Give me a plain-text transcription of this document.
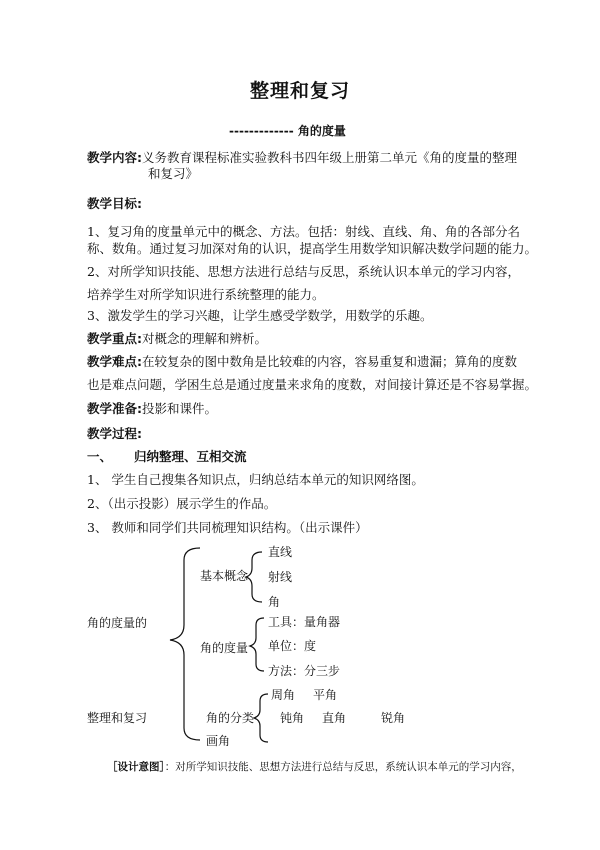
整理和复习
------------- 角的度量
教学内容:义务教育课程标准实验教科书四年级上册第二单元《角的度量的整理
和复习》
教学目标:
1、复习角的度量单元中的概念、方法。包括：射线、直线、角、角的各部分名
称、数角。通过复习加深对角的认识，提高学生用数学知识解决数学问题的能力。
2、对所学知识技能、思想方法进行总结与反思，系统认识本单元的学习内容，
培养学生对所学知识进行系统整理的能力。
3、激发学生的学习兴趣，让学生感受学数学，用数学的乐趣。
教学重点:对概念的理解和辨析。
教学难点:在较复杂的图中数角是比较难的内容，容易重复和遗漏；算角的度数
也是难点问题，学困生总是通过度量来求角的度数，对间接计算还是不容易掌握。
教学准备:投影和课件。
教学过程:
一、 归纳整理、互相交流
1、 学生自己搜集各知识点，归纳总结本单元的知识网络图。
2、（出示投影）展示学生的作品。
3、 教师和同学们共同梳理知识结构。（出示课件）
角的度量的
整理和复习
基本概念
直线
射线
角
角的度量
工具：量角器
单位：度
方法：分三步
角的分类
周角 平角
钝角 直角	锐角
画角
［设计意图］：对所学知识技能、思想方法进行总结与反思，系统认识本单元的学习内容，
